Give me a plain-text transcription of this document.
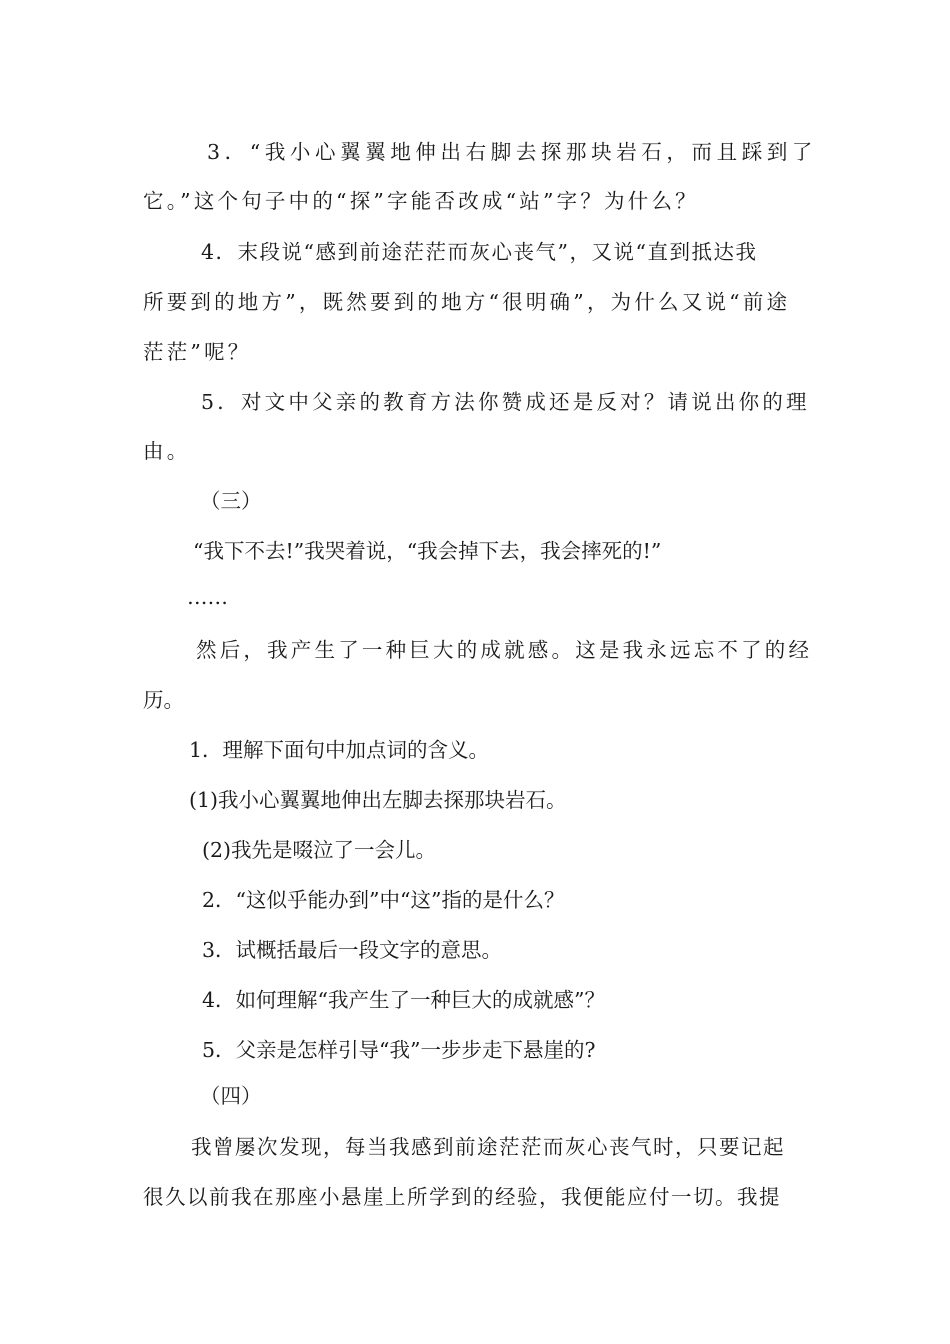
3．“我小心翼翼地伸出右脚去探那块岩石，而且踩到了
它。”这个句子中的“探”字能否改成“站”字？为什么？
4．末段说“感到前途茫茫而灰心丧气”，又说“直到抵达我
所要到的地方”，既然要到的地方“很明确”，为什么又说“前途
茫茫”呢？
5．对文中父亲的教育方法你赞成还是反对？请说出你的理
由。
（三）
“我下不去!”我哭着说，“我会掉下去，我会摔死的!”
……
然后，我产生了一种巨大的成就感。这是我永远忘不了的经
历。
1．理解下面句中加点词的含义。
(1)我小心翼翼地伸出左脚去探那块岩石。
(2)我先是啜泣了一会儿。
2．“这似乎能办到”中“这”指的是什么？
3．试概括最后一段文字的意思。
4．如何理解“我产生了一种巨大的成就感”？
5．父亲是怎样引导“我”一步步走下悬崖的?
（四）
我曾屡次发现，每当我感到前途茫茫而灰心丧气时，只要记起
很久以前我在那座小悬崖上所学到的经验，我便能应付一切。我提
